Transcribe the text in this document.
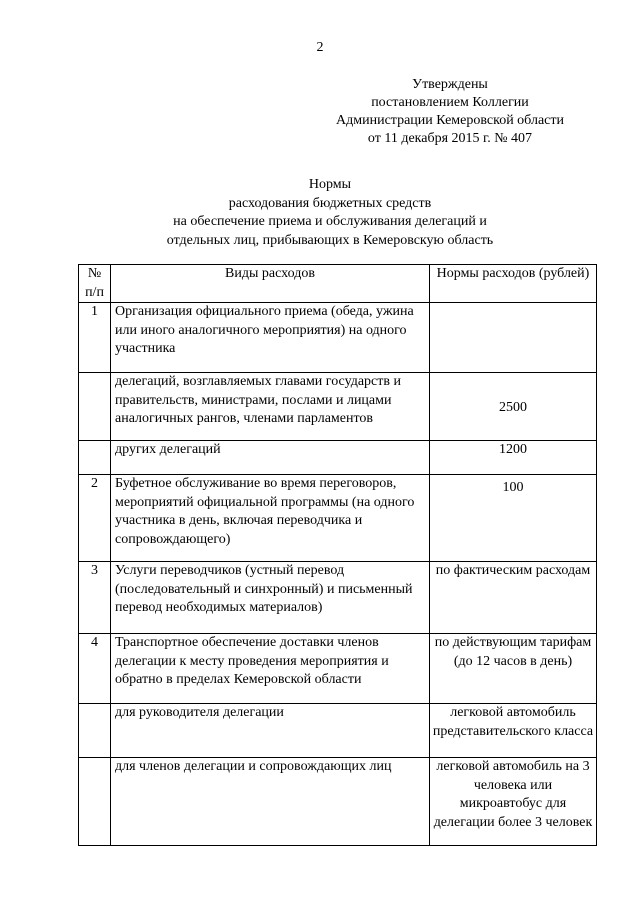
2
Утверждены
постановлением Коллегии
Администрации Кемеровской области
от 11 декабря 2015 г. № 407
Нормы
расходования бюджетных средств
на обеспечение приема и обслуживания делегаций и
отдельных лиц, прибывающих в Кемеровскую область
№ п/п	Виды расходов	Нормы расходов (рублей)
1	Организация официального приема (обеда, ужина или иного аналогичного мероприятия) на одного участника	
	делегаций, возглавляемых главами государств и правительств, министрами, послами и лицами аналогичных рангов, членами парламентов	2500
	других делегаций	1200
2	Буфетное обслуживание во время переговоров, мероприятий официальной программы (на одного участника в день, включая переводчика и сопровождающего)	100
3	Услуги переводчиков (устный перевод (последовательный и синхронный) и письменный перевод необходимых материалов)	по фактическим расходам
4	Транспортное обеспечение доставки членов делегации к месту проведения мероприятия и обратно в пределах Кемеровской области	по действующим тарифам (до 12 часов в день)
	для руководителя делегации	легковой автомобиль представительского класса
	для членов делегации и сопровождающих лиц	легковой автомобиль на 3 человека или микроавтобус для делегации более 3 человек
